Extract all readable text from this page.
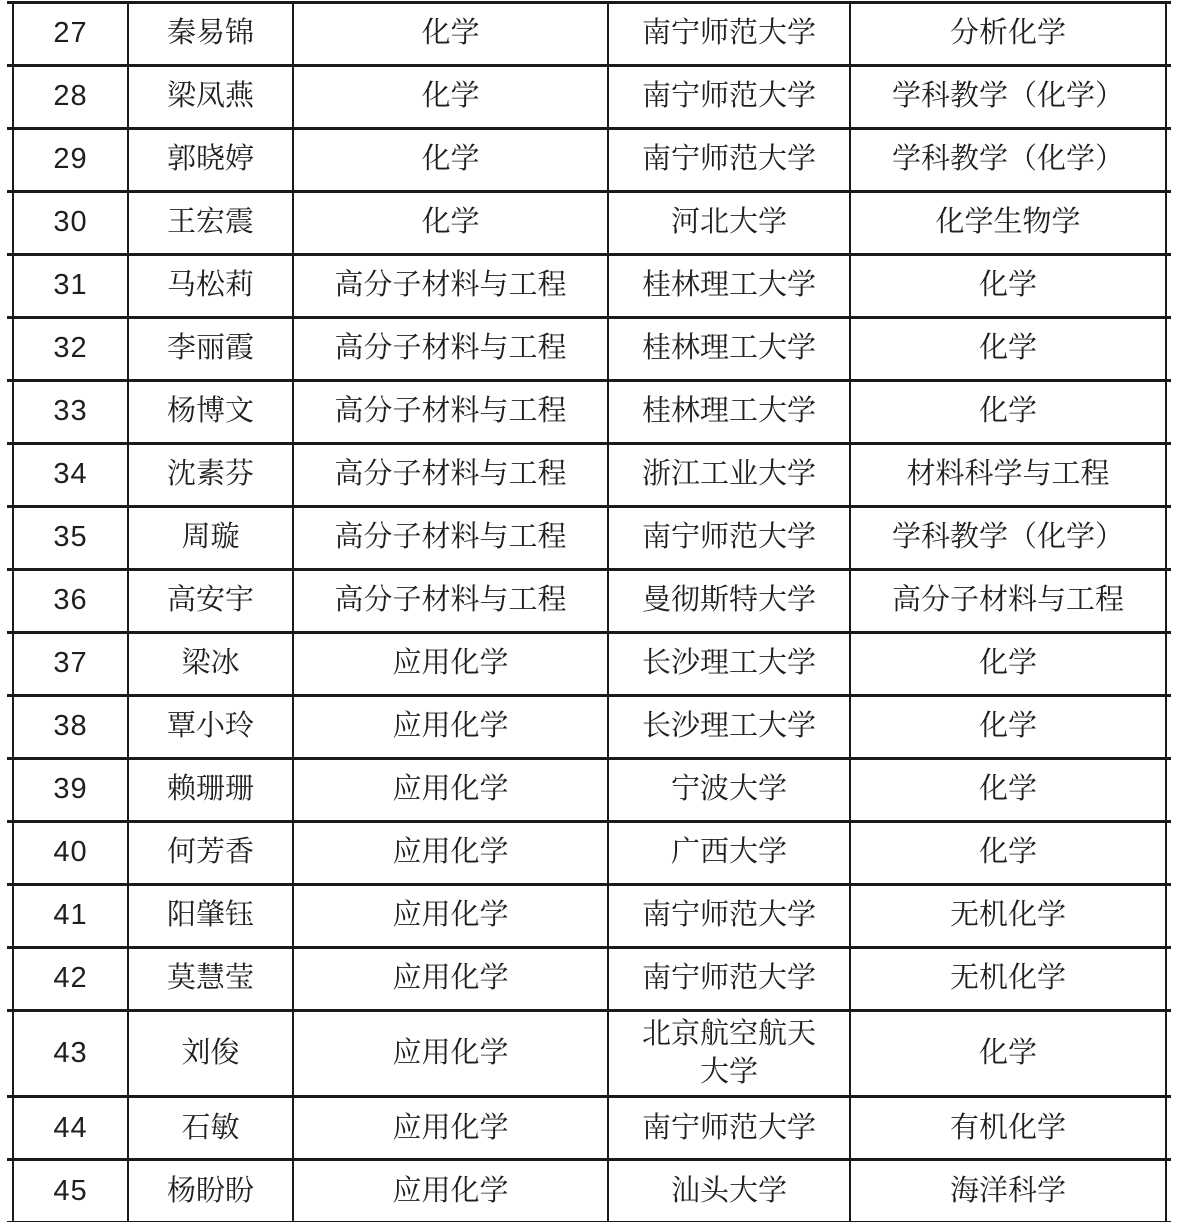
	27	秦易锦	化学	南宁师范大学	分析化学	
	28	梁凤燕	化学	南宁师范大学	学科教学（化学）	
	29	郭晓婷	化学	南宁师范大学	学科教学（化学）	
	30	王宏震	化学	河北大学	化学生物学	
	31	马松莉	高分子材料与工程	桂林理工大学	化学	
	32	李丽霞	高分子材料与工程	桂林理工大学	化学	
	33	杨博文	高分子材料与工程	桂林理工大学	化学	
	34	沈素芬	高分子材料与工程	浙江工业大学	材料科学与工程	
	35	周璇	高分子材料与工程	南宁师范大学	学科教学（化学）	
	36	高安宇	高分子材料与工程	曼彻斯特大学	高分子材料与工程	
	37	梁冰	应用化学	长沙理工大学	化学	
	38	覃小玲	应用化学	长沙理工大学	化学	
	39	赖珊珊	应用化学	宁波大学	化学	
	40	何芳香	应用化学	广西大学	化学	
	41	阳肇钰	应用化学	南宁师范大学	无机化学	
	42	莫慧莹	应用化学	南宁师范大学	无机化学	
	43	刘俊	应用化学	北京航空航天大学	化学	
	44	石敏	应用化学	南宁师范大学	有机化学	
	45	杨盼盼	应用化学	汕头大学	海洋科学	
